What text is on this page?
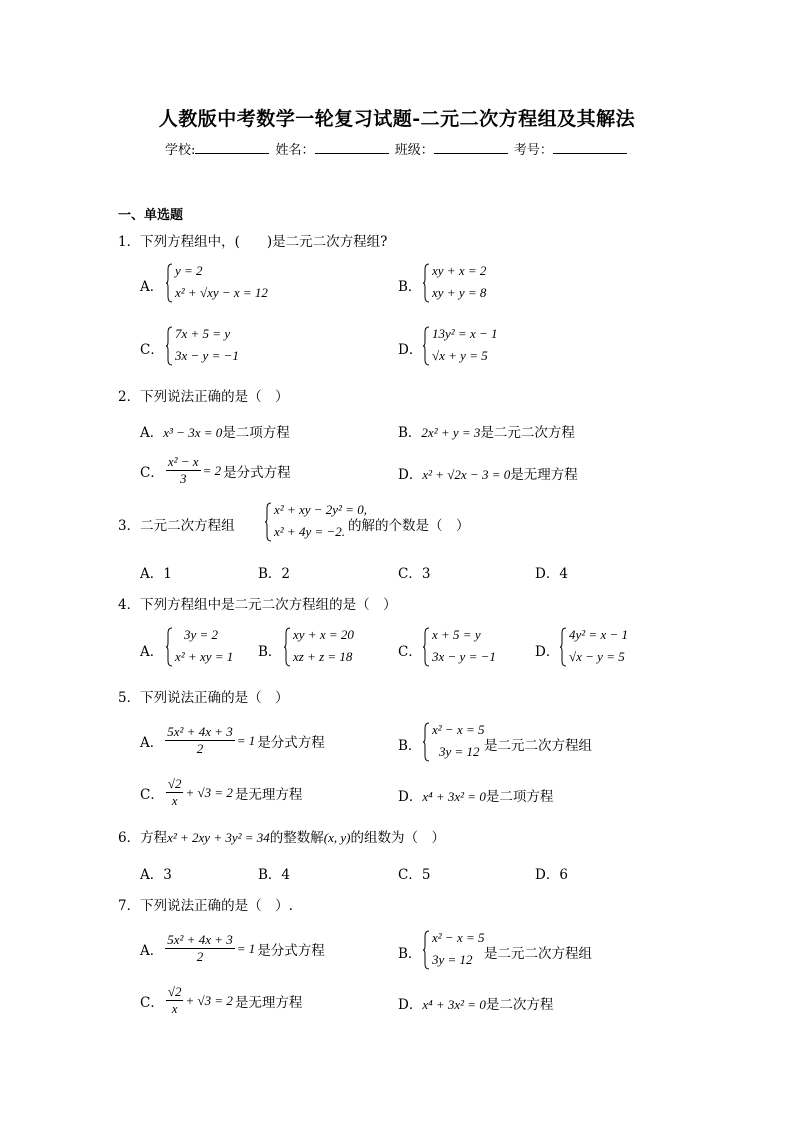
人教版中考数学一轮复习试题-二元二次方程组及其解法
学校:	姓名：	班级：	考号：
一、单选题
1．下列方程组中，(　　)是二元二次方程组?
A．
y = 2
x² + √xy − x = 12	B．
xy + x = 2
xy + y = 8
C．
7x + 5 = y
3x − y = −1	D．
13y² = x − 1
√x + y = 5
2．下列说法正确的是（　）
A．x³ − 3x = 0是二项方程	B．2x² + y = 3是二元二次方程
C． $\frac{\text{x² − x}}{3} = 2$ 是分式方程	D．x² + √2x − 3 = 0是无理方程
3．二元二次方程组
x² + xy − 2y² = 0,
x² + 4y = −2. 的解的个数是（　）
A．1	B．2	C．3	D．4
4．下列方程组中是二元二次方程组的是（　）
A．
3y = 2
x² + xy = 1 B．
xy + x = 20
xz + z = 18	C．
x + 5 = y
3x − y = −1	D．
4y² = x − 1
√x − y = 5
5．下列说法正确的是（　）
A． $\frac{\text{5x² + 4x + 3}}{2} = 1$ 是分式方程	B．
x² − x = 5
3y = 12 是二元二次方程组
C． $\frac{√2}{x} + √3 = 2$ 是无理方程	D．x⁴ + 3x² = 0是二项方程
6．方程x² + 2xy + 3y² = 34的整数解(x, y)的组数为（　）
A．3	B．4	C．5	D．6
7．下列说法正确的是（　）.
A． $\frac{\text{5x² + 4x + 3}}{2} = 1$ 是分式方程	B．
x² − x = 5
3y = 12 是二元二次方程组
C． $\frac{√2}{x} + √3 = 2$ 是无理方程	D．x⁴ + 3x² = 0是二次方程
